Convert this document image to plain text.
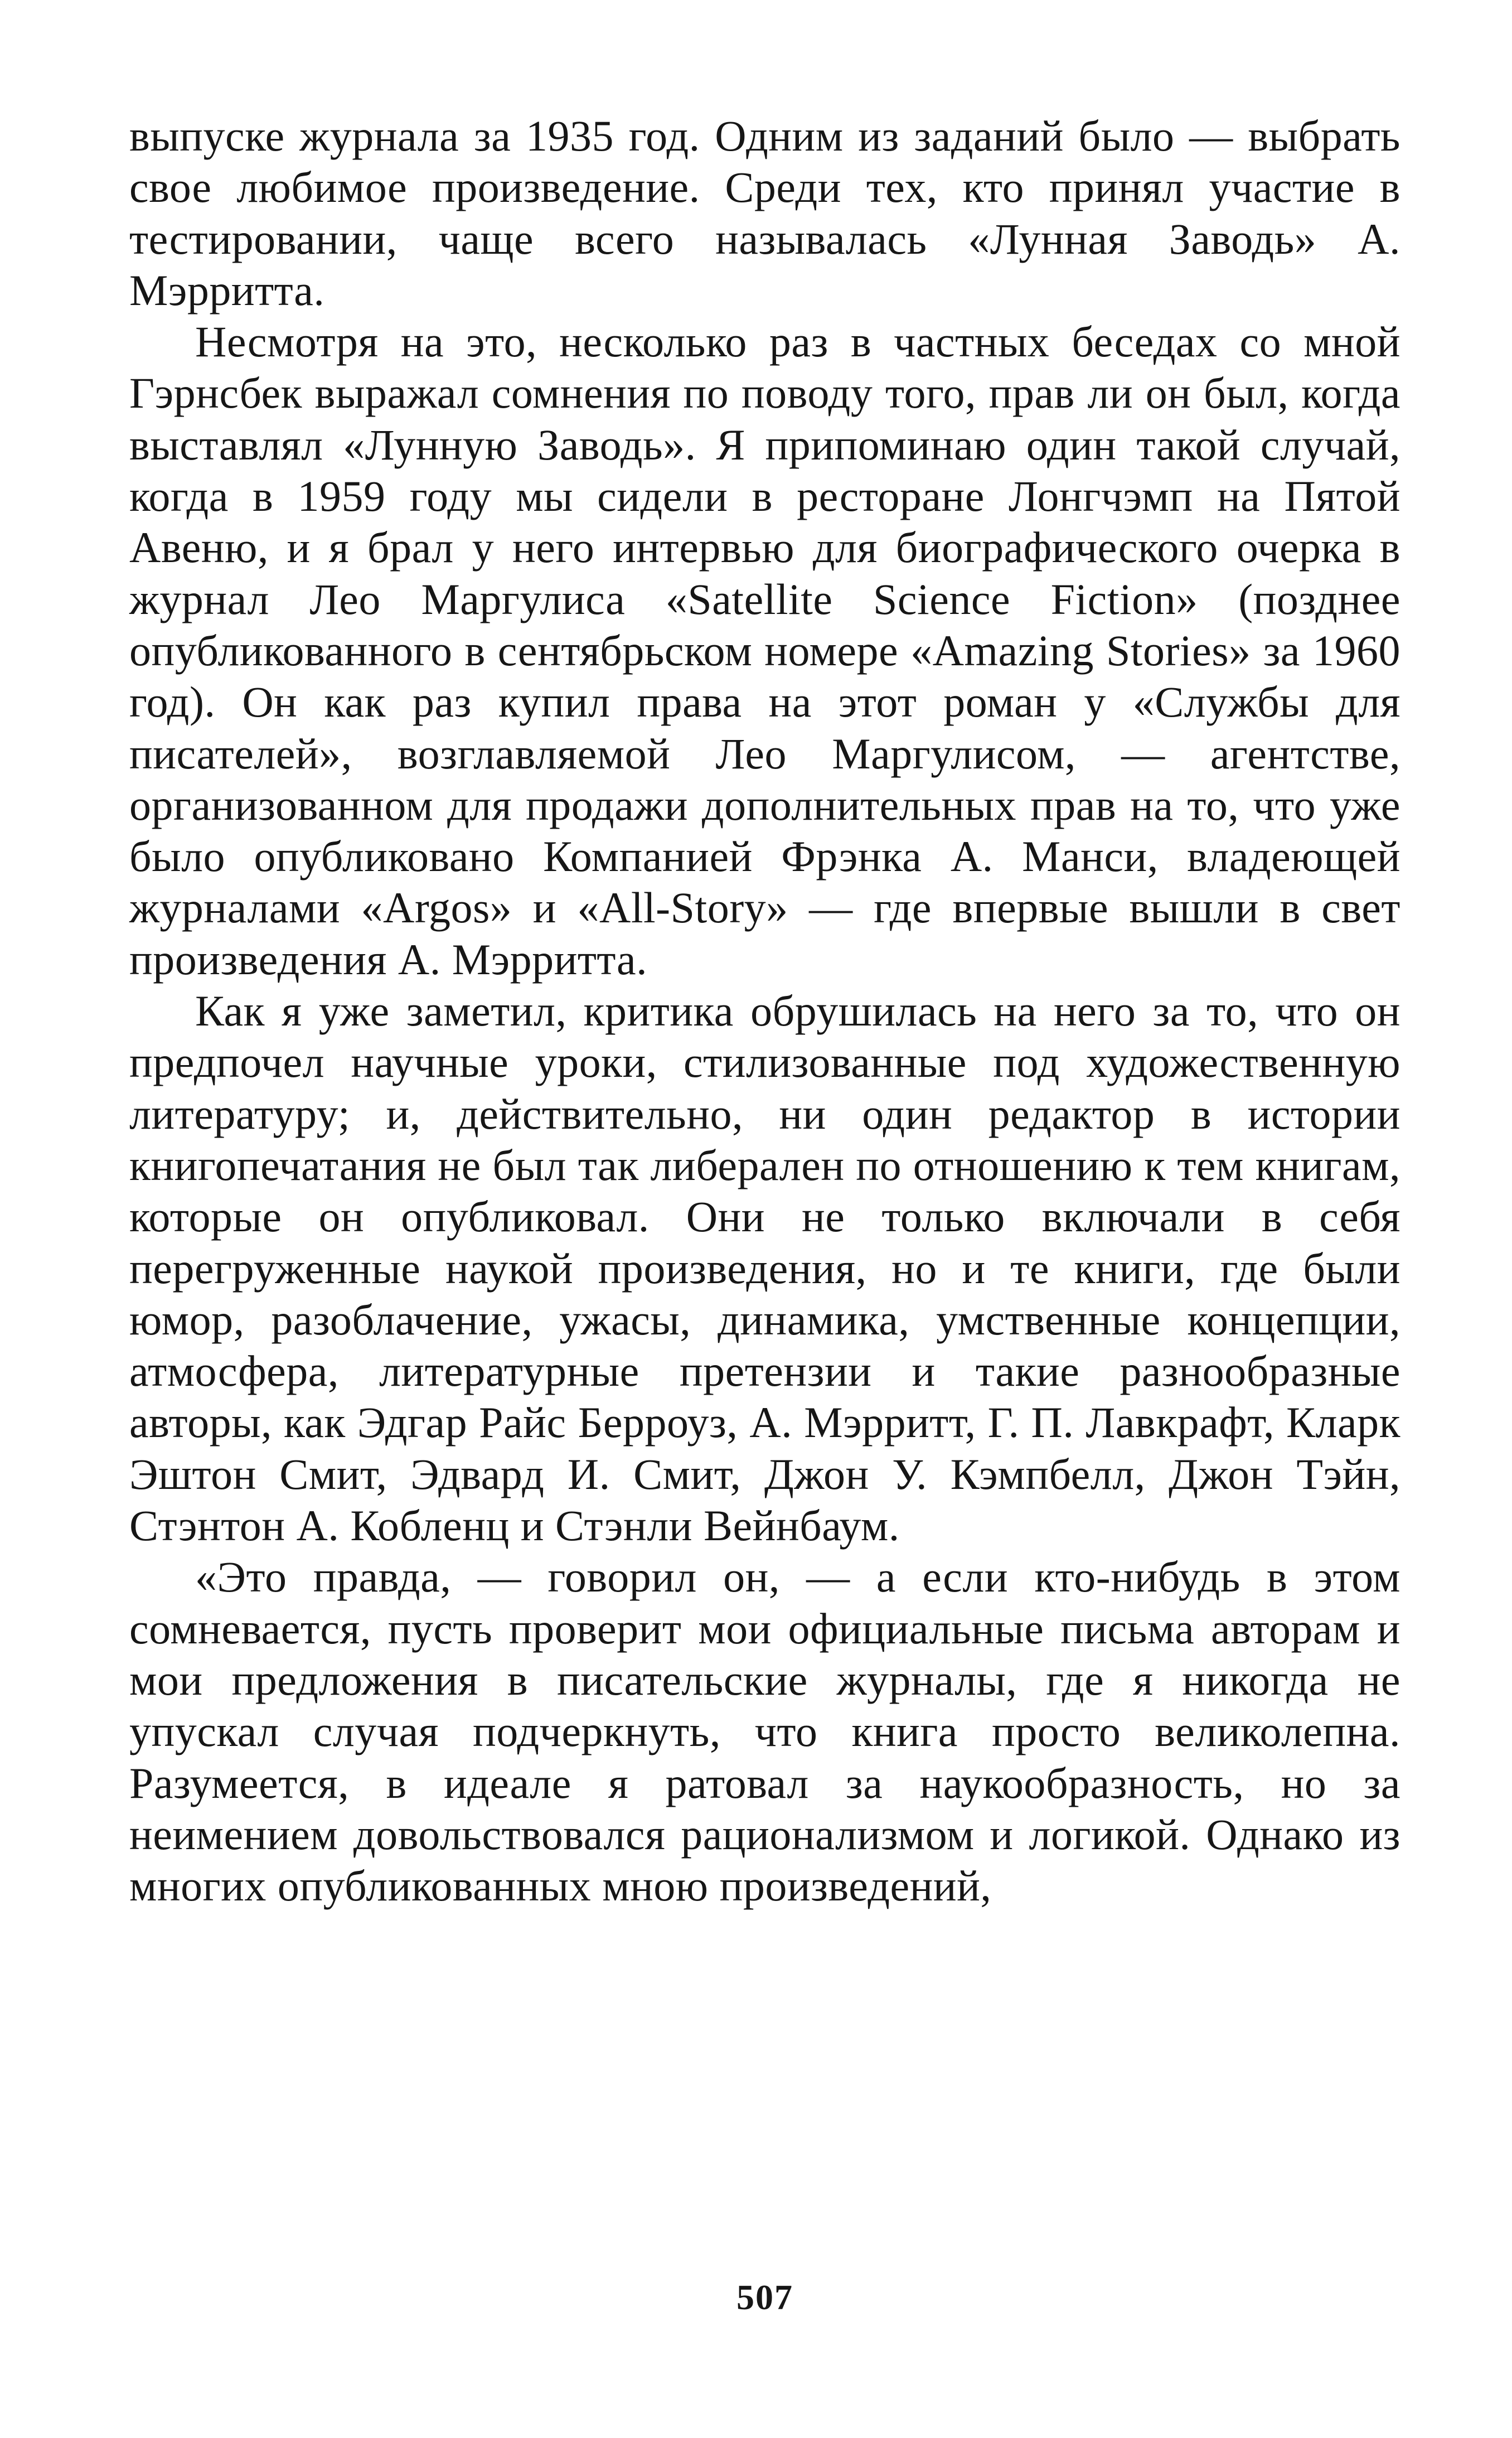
выпуске журнала за 1935 год. Одним из заданий было — выбрать свое любимое произведение. Среди тех, кто принял участие в тестировании, чаще всего называлась «Лунная Заводь» А. Мэрритта.

Несмотря на это, несколько раз в частных беседах со мной Гэрнсбек выражал сомнения по поводу того, прав ли он был, когда выставлял «Лунную Заводь». Я припоминаю один такой случай, когда в 1959 году мы сидели в ресторане Лонгчэмп на Пятой Авеню, и я брал у него интервью для биографического очерка в журнал Лео Маргулиса «Satellite Science Fiction» (позднее опубликованного в сентябрьском номере «Amazing Stories» за 1960 год). Он как раз купил права на этот роман у «Службы для писателей», возглавляемой Лео Маргулисом, — агентстве, организованном для продажи дополнительных прав на то, что уже было опубликовано Компанией Фрэнка А. Манси, владеющей журналами «Argos» и «All-Story» — где впервые вышли в свет произведения А. Мэрритта.

Как я уже заметил, критика обрушилась на него за то, что он предпочел научные уроки, стилизованные под художественную литературу; и, действительно, ни один редактор в истории книгопечатания не был так либерален по отношению к тем книгам, которые он опубликовал. Они не только включали в себя перегруженные наукой произведения, но и те книги, где были юмор, разоблачение, ужасы, динамика, умственные концепции, атмосфера, литературные претензии и такие разнообразные авторы, как Эдгар Райс Берроуз, А. Мэрритт, Г. П. Лавкрафт, Кларк Эштон Смит, Эдвард И. Смит, Джон У. Кэмпбелл, Джон Тэйн, Стэнтон А. Кобленц и Стэнли Вейнбаум.

«Это правда, — говорил он, — а если кто-нибудь в этом сомневается, пусть проверит мои официальные письма авторам и мои предложения в писательские журналы, где я никогда не упускал случая подчеркнуть, что книга просто великолепна. Разумеется, в идеале я ратовал за наукообразность, но за неимением довольствовался рационализмом и логикой. Однако из многих опубликованных мною произведений,

507
